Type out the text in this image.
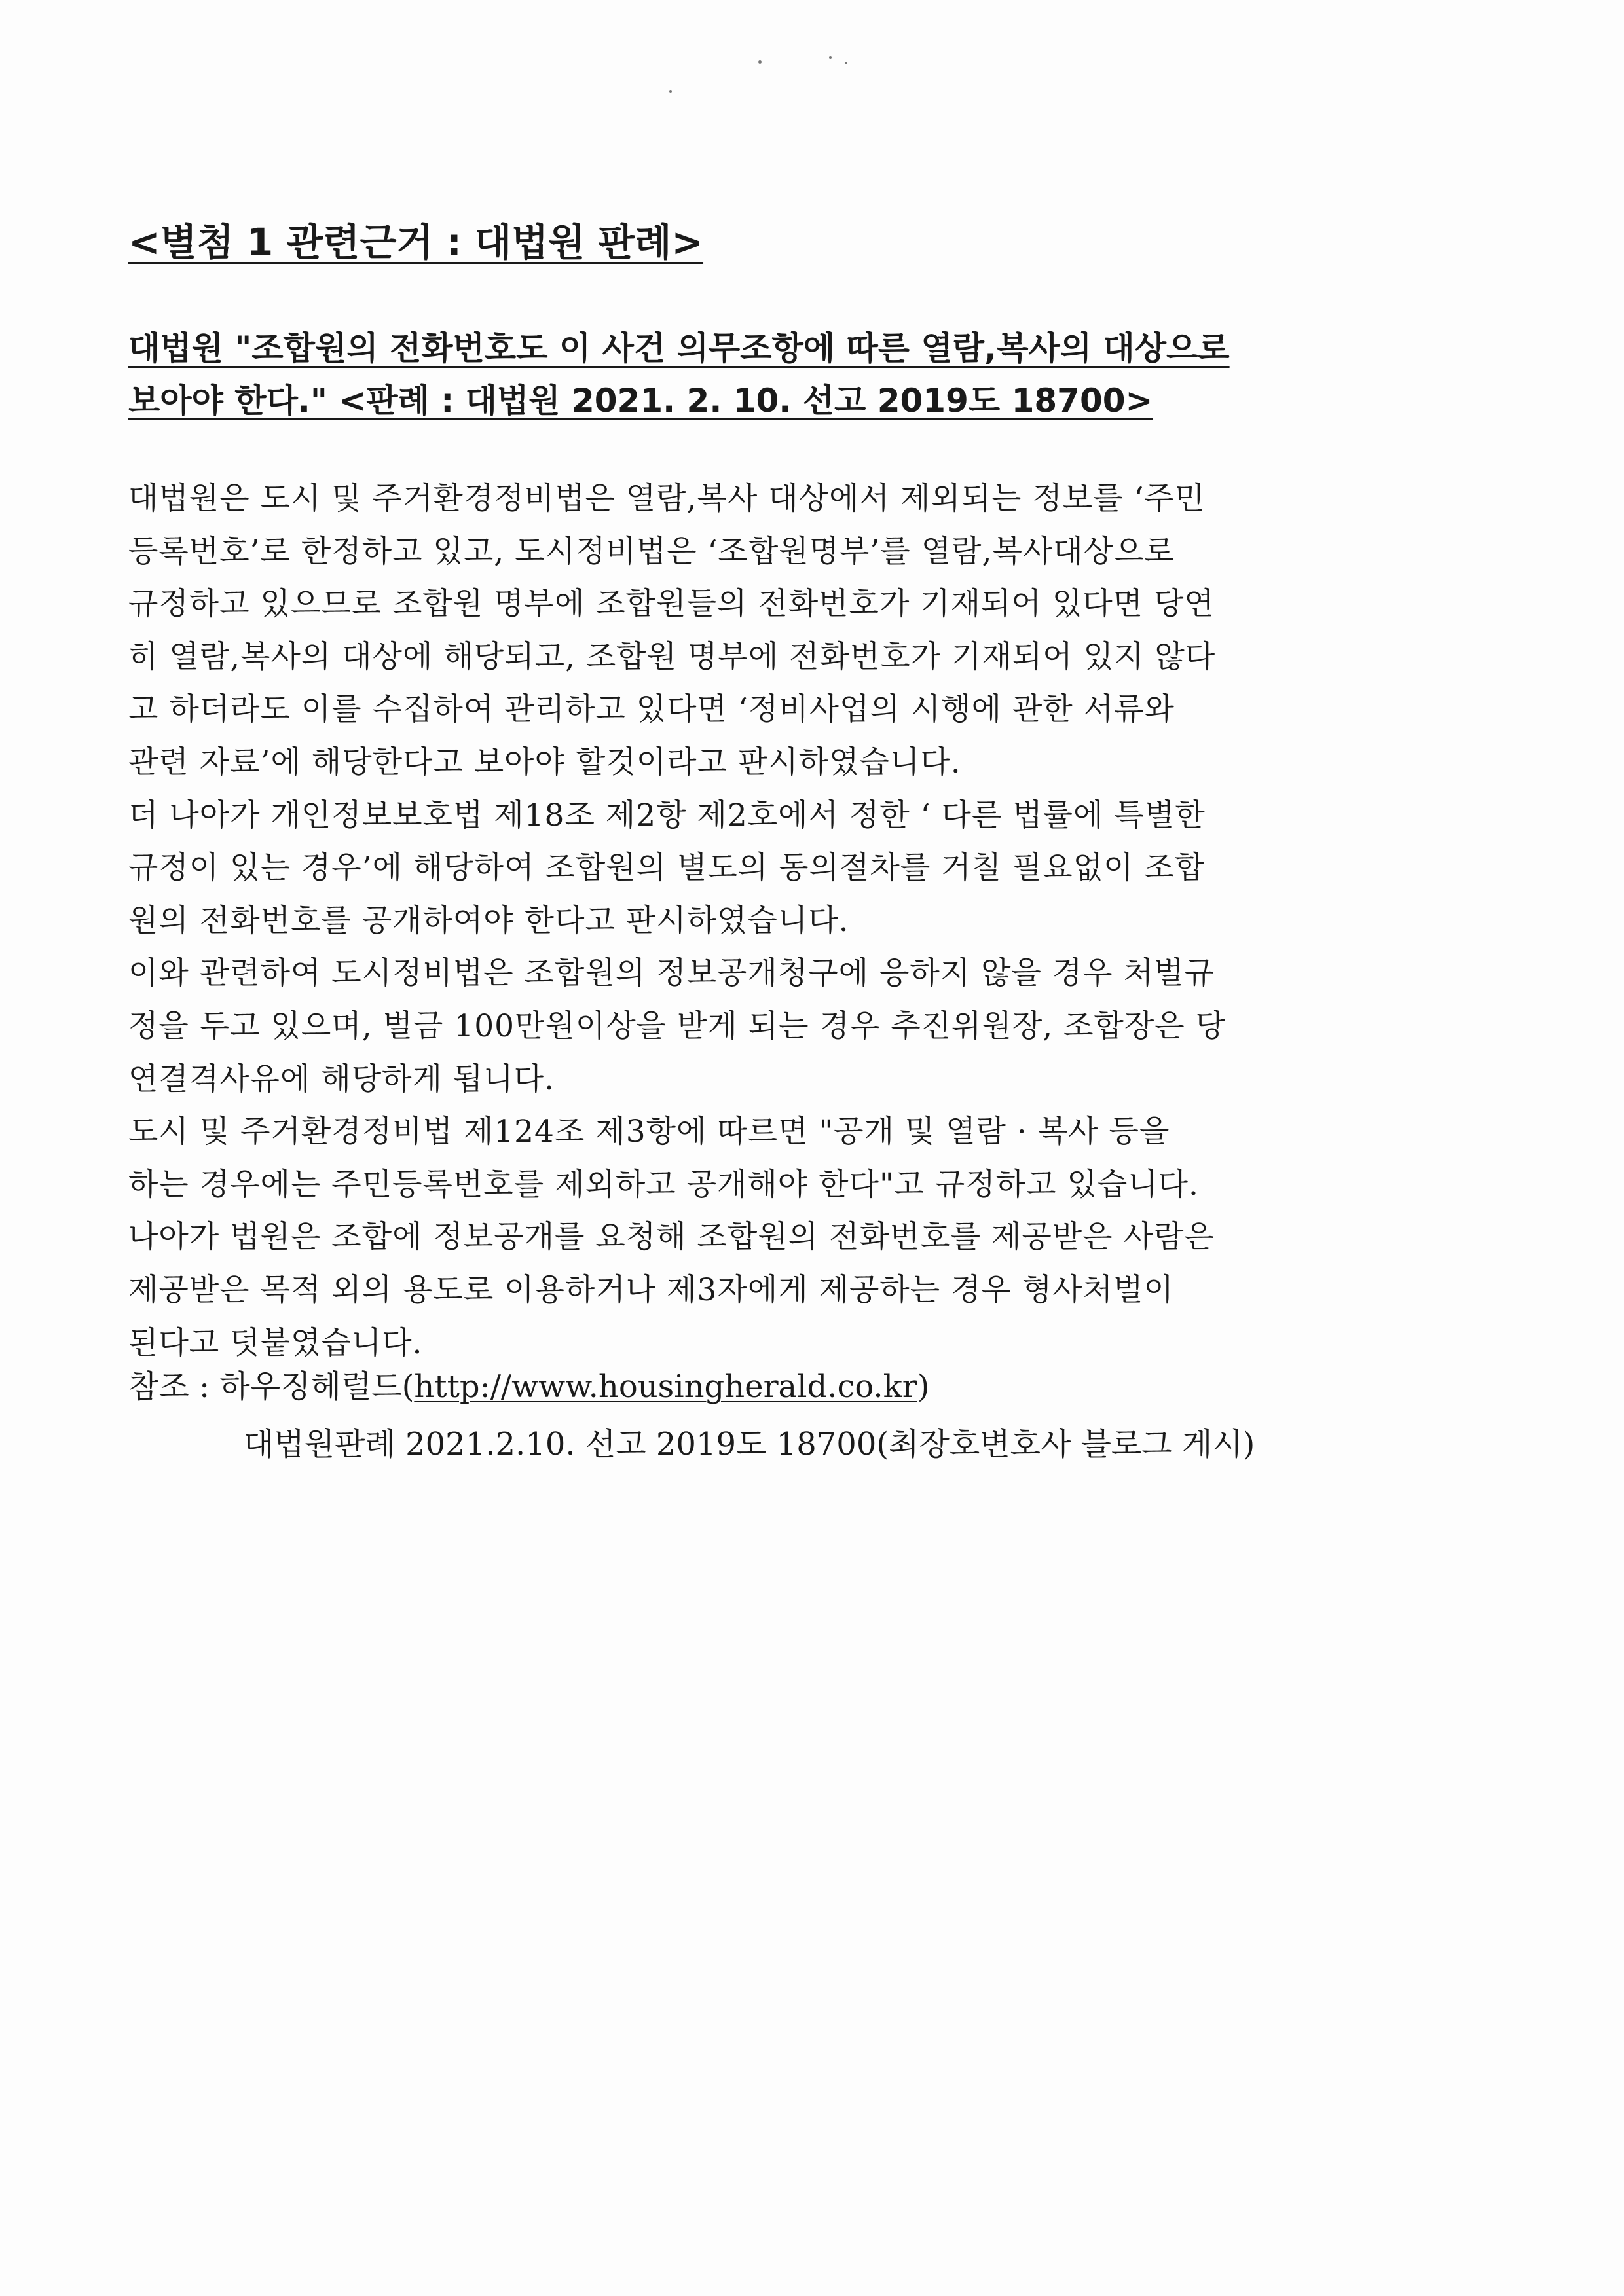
<별첨 1 관련근거 : 대법원 판례>
대법원 "조합원의 전화번호도 이 사건 의무조항에 따른 열람,복사의 대상으로
보아야 한다." <판례 : 대법원 2021. 2. 10. 선고 2019도 18700>
대법원은 도시 및 주거환경정비법은 열람,복사 대상에서 제외되는 정보를 ‘주민
등록번호’로 한정하고 있고, 도시정비법은 ‘조합원명부’를 열람,복사대상으로
규정하고 있으므로 조합원 명부에 조합원들의 전화번호가 기재되어 있다면 당연
히 열람,복사의 대상에 해당되고, 조합원 명부에 전화번호가 기재되어 있지 않다
고 하더라도 이를 수집하여 관리하고 있다면 ‘정비사업의 시행에 관한 서류와
관련 자료’에 해당한다고 보아야 할것이라고 판시하였습니다.
더 나아가 개인정보보호법 제18조 제2항 제2호에서 정한 ‘ 다른 법률에 특별한
규정이 있는 경우’에 해당하여 조합원의 별도의 동의절차를 거칠 필요없이 조합
원의 전화번호를 공개하여야 한다고 판시하였습니다.
이와 관련하여 도시정비법은 조합원의 정보공개청구에 응하지 않을 경우 처벌규
정을 두고 있으며, 벌금 100만원이상을 받게 되는 경우 추진위원장, 조합장은 당
연결격사유에 해당하게 됩니다.
도시 및 주거환경정비법 제124조 제3항에 따르면 "공개 및 열람 · 복사 등을
하는 경우에는 주민등록번호를 제외하고 공개해야 한다"고 규정하고 있습니다.
나아가 법원은 조합에 정보공개를 요청해 조합원의 전화번호를 제공받은 사람은
제공받은 목적 외의 용도로 이용하거나 제3자에게 제공하는 경우 형사처벌이
된다고 덧붙였습니다.
참조 : 하우징헤럴드(http://www.housingherald.co.kr)
대법원판례 2021.2.10. 선고 2019도 18700(최장호변호사 블로그 게시)
